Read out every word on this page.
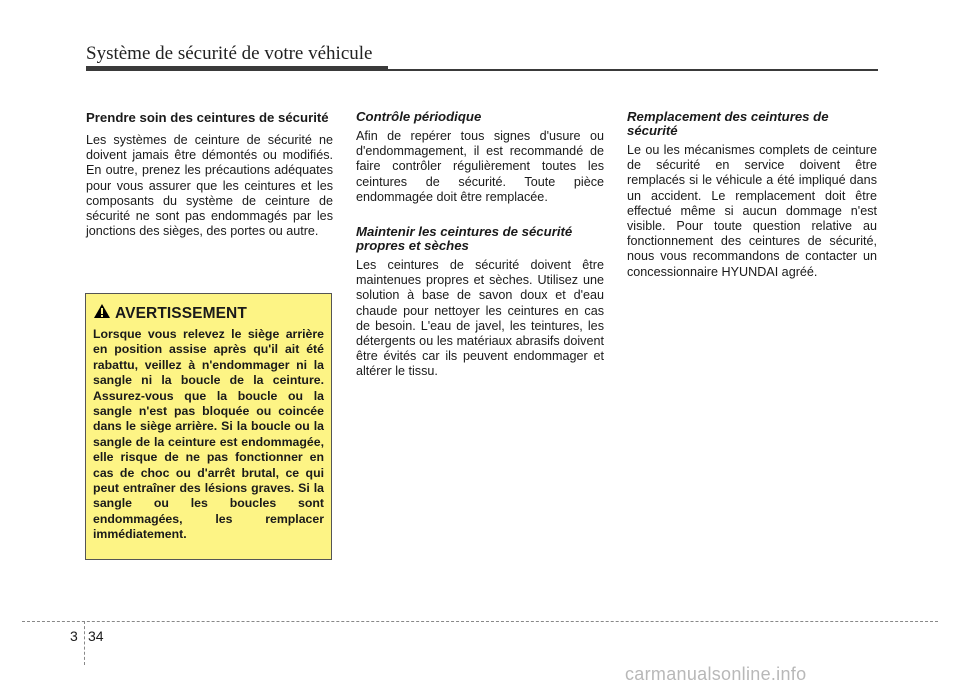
Système de sécurité de votre véhicule
Prendre soin des ceintures de sécurité

Les systèmes de ceinture de sécurité ne doivent jamais être démontés ou modifiés. En outre, prenez les précautions adéquates pour vous assurer que les ceintures et les composants du système de ceinture de sécurité ne sont pas endommagés par les jonctions des sièges, des portes ou autre.

AVERTISSEMENT

Lorsque vous relevez le siège arrière en position assise après qu'il ait été rabattu, veillez à n'endommager ni la sangle ni la boucle de la ceinture. Assurez-vous que la boucle ou la sangle n'est pas bloquée ou coincée dans le siège arrière. Si la boucle ou la sangle de la ceinture est endommagée, elle risque de ne pas fonctionner en cas de choc ou d'arrêt brutal, ce qui peut entraîner des lésions graves. Si la sangle ou les boucles sont endommagées, les remplacer immédiatement.

Contrôle périodique

Afin de repérer tous signes d'usure ou d'endommagement, il est recommandé de faire contrôler régulièrement toutes les ceintures de sécurité. Toute pièce endommagée doit être remplacée.

Maintenir les ceintures de sécurité propres et sèches

Les ceintures de sécurité doivent être maintenues propres et sèches. Utilisez une solution à base de savon doux et d'eau chaude pour nettoyer les ceintures en cas de besoin. L'eau de javel, les teintures, les détergents ou les matériaux abrasifs doivent être évités car ils peuvent endommager et altérer le tissu.

Remplacement des ceintures de sécurité

Le ou les mécanismes complets de ceinture de sécurité en service doivent être remplacés si le véhicule a été impliqué dans un accident. Le remplacement doit être effectué même si aucun dommage n'est visible. Pour toute question relative au fonctionnement des ceintures de sécurité, nous vous recommandons de contacter un concessionnaire HYUNDAI agréé.

3 34
carmanualsonline.info
